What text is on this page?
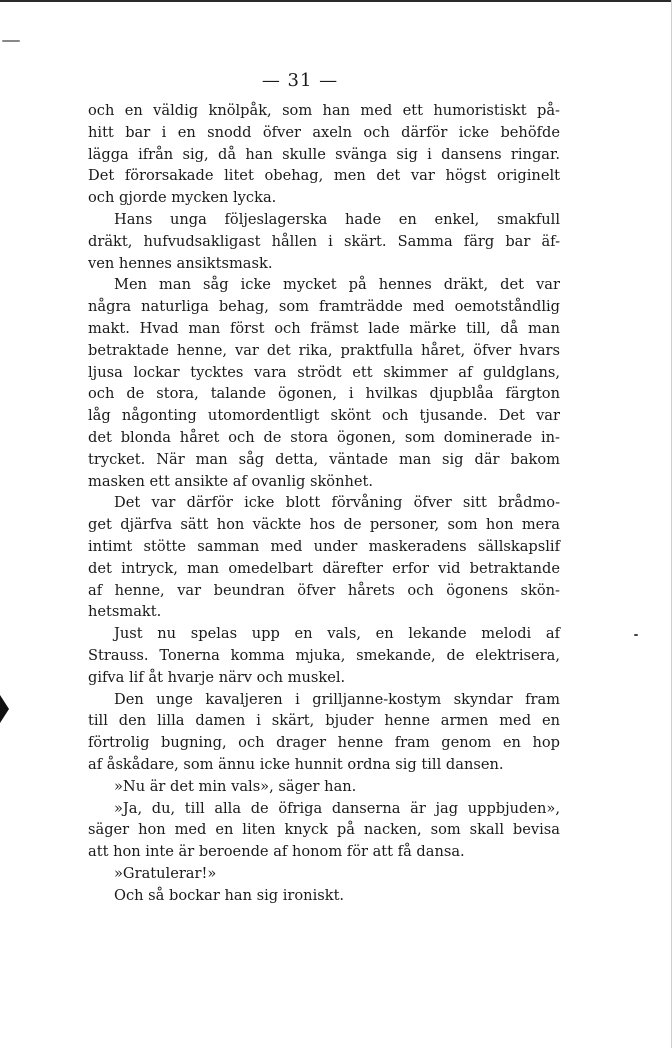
— 31 —
och en väldig knölpåk, som han med ett humoristiskt på-
hitt bar i en snodd öfver axeln och därför icke behöfde
lägga ifrån sig, då han skulle svänga sig i dansens ringar.
Det förorsakade litet obehag, men det var högst originelt
och gjorde mycken lycka.
Hans unga följeslagerska hade en enkel, smakfull
dräkt, hufvudsakligast hållen i skärt. Samma färg bar äf-
ven hennes ansiktsmask.
Men man såg icke mycket på hennes dräkt, det var
några naturliga behag, som framträdde med oemotståndlig
makt. Hvad man först och främst lade märke till, då man
betraktade henne, var det rika, praktfulla håret, öfver hvars
ljusa lockar tycktes vara strödt ett skimmer af guldglans,
och de stora, talande ögonen, i hvilkas djupblåa färgton
låg någonting utomordentligt skönt och tjusande. Det var
det blonda håret och de stora ögonen, som dominerade in-
trycket. När man såg detta, väntade man sig där bakom
masken ett ansikte af ovanlig skönhet.
Det var därför icke blott förvåning öfver sitt brådmo-
get djärfva sätt hon väckte hos de personer, som hon mera
intimt stötte samman med under maskeradens sällskapslif
det intryck, man omedelbart därefter erfor vid betraktande
af henne, var beundran öfver hårets och ögonens skön-
hetsmakt.
Just nu spelas upp en vals, en lekande melodi af
Strauss. Tonerna komma mjuka, smekande, de elektrisera,
gifva lif åt hvarje närv och muskel.
Den unge kavaljeren i grilljanne-kostym skyndar fram
till den lilla damen i skärt, bjuder henne armen med en
förtrolig bugning, och drager henne fram genom en hop
af åskådare, som ännu icke hunnit ordna sig till dansen.
»Nu är det min vals», säger han.
»Ja, du, till alla de öfriga danserna är jag uppbjuden»,
säger hon med en liten knyck på nacken, som skall bevisa
att hon inte är beroende af honom för att få dansa.
»Gratulerar!»
Och så bockar han sig ironiskt.
